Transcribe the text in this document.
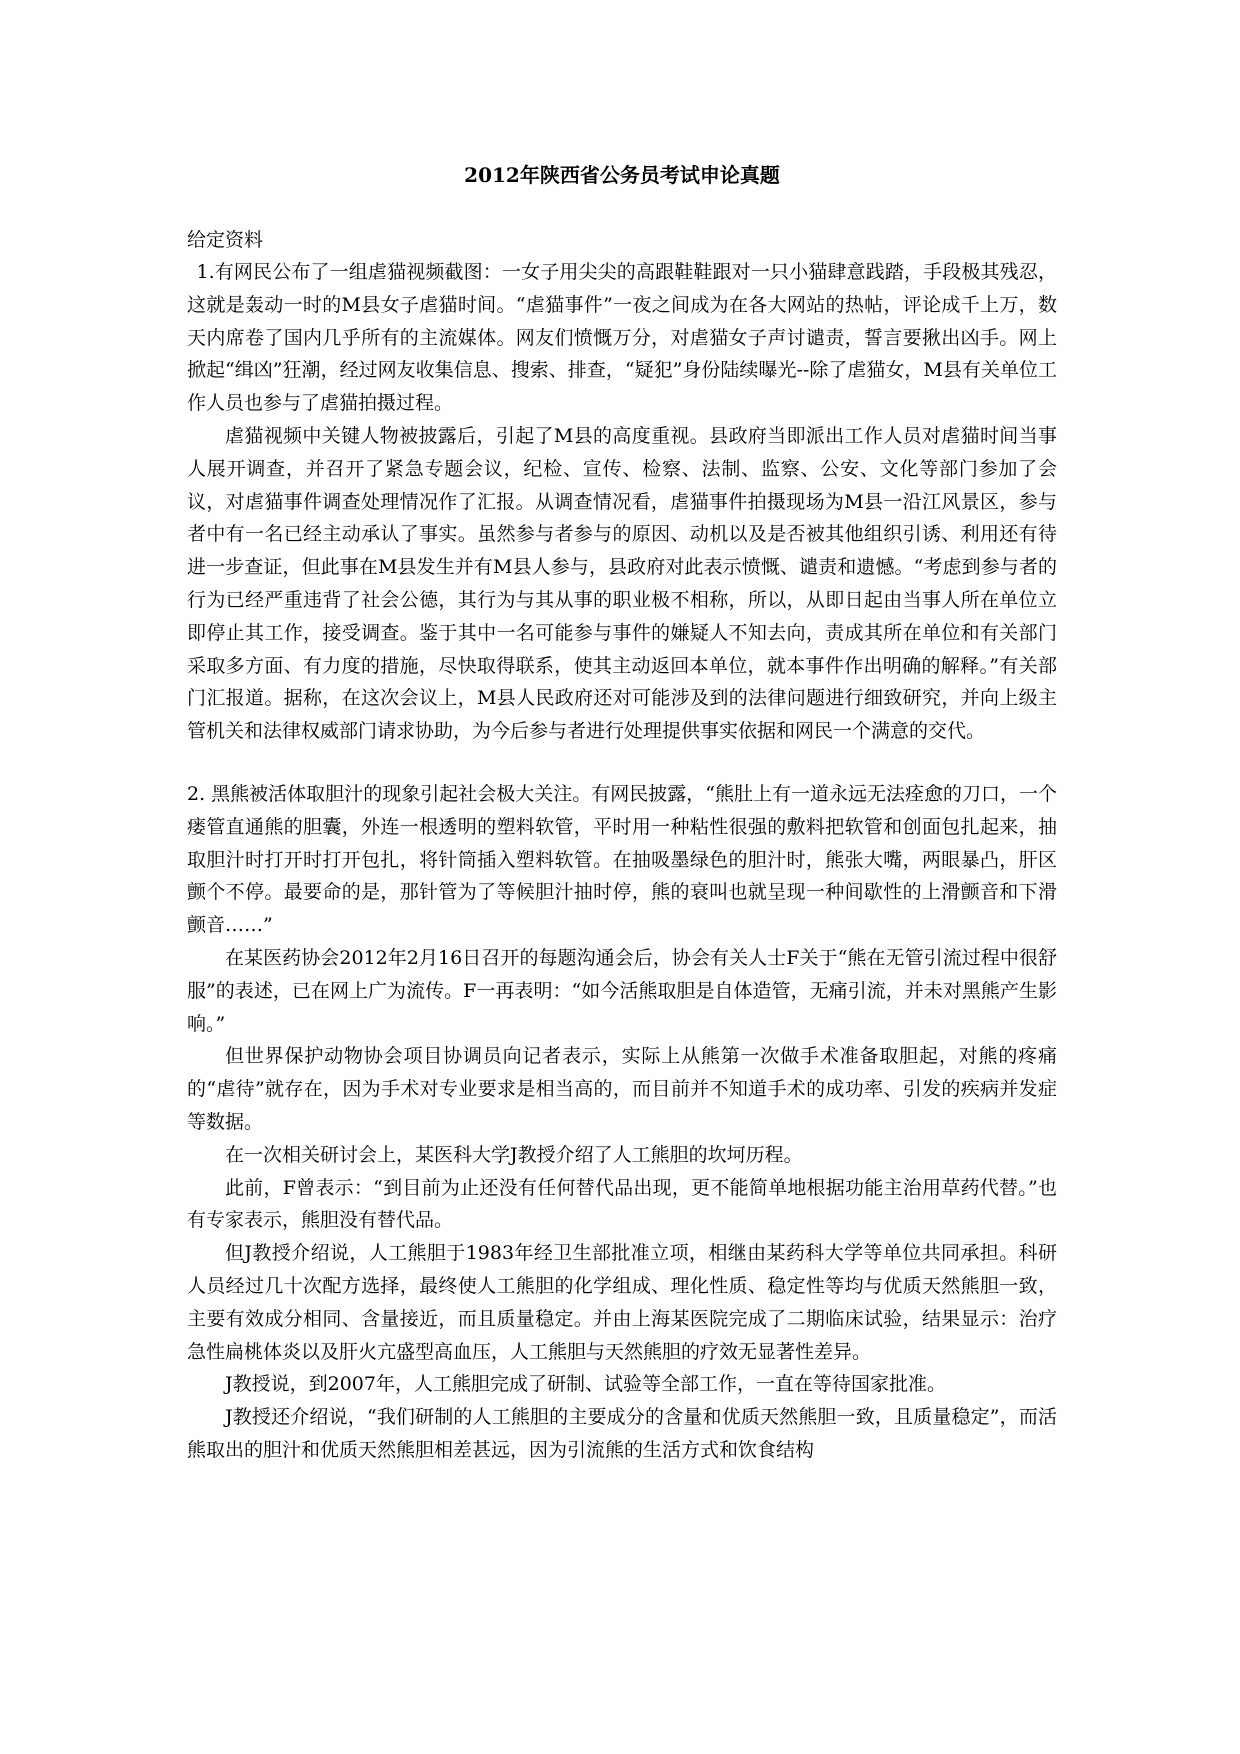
2012年陕西省公务员考试申论真题

给定资料

1.有网民公布了一组虐猫视频截图：一女子用尖尖的高跟鞋鞋跟对一只小猫肆意践踏，手段极其残忍，这就是轰动一时的M县女子虐猫时间。“虐猫事件”一夜之间成为在各大网站的热帖，评论成千上万，数天内席卷了国内几乎所有的主流媒体。网友们愤慨万分，对虐猫女子声讨谴责，誓言要揪出凶手。网上掀起“缉凶”狂潮，经过网友收集信息、搜索、排查，“疑犯”身份陆续曝光--除了虐猫女，M县有关单位工作人员也参与了虐猫拍摄过程。

虐猫视频中关键人物被披露后，引起了M县的高度重视。县政府当即派出工作人员对虐猫时间当事人展开调查，并召开了紧急专题会议，纪检、宣传、检察、法制、监察、公安、文化等部门参加了会议，对虐猫事件调查处理情况作了汇报。从调查情况看，虐猫事件拍摄现场为M县一沿江风景区，参与者中有一名已经主动承认了事实。虽然参与者参与的原因、动机以及是否被其他组织引诱、利用还有待进一步查证，但此事在M县发生并有M县人参与，县政府对此表示愤慨、谴责和遗憾。“考虑到参与者的行为已经严重违背了社会公德，其行为与其从事的职业极不相称，所以，从即日起由当事人所在单位立即停止其工作，接受调查。鉴于其中一名可能参与事件的嫌疑人不知去向，责成其所在单位和有关部门采取多方面、有力度的措施，尽快取得联系，使其主动返回本单位，就本事件作出明确的解释。”有关部门汇报道。据称，在这次会议上，M县人民政府还对可能涉及到的法律问题进行细致研究，并向上级主管机关和法律权威部门请求协助，为今后参与者进行处理提供事实依据和网民一个满意的交代。

2. 黑熊被活体取胆汁的现象引起社会极大关注。有网民披露，“熊肚上有一道永远无法痊愈的刀口，一个瘘管直通熊的胆囊，外连一根透明的塑料软管，平时用一种粘性很强的敷料把软管和创面包扎起来，抽取胆汁时打开时打开包扎，将针筒插入塑料软管。在抽吸墨绿色的胆汁时，熊张大嘴，两眼暴凸，肝区颤个不停。最要命的是，那针管为了等候胆汁抽时停，熊的衰叫也就呈现一种间歇性的上滑颤音和下滑颤音……”

在某医药协会2012年2月16日召开的每题沟通会后，协会有关人士F关于“熊在无管引流过程中很舒服”的表述，已在网上广为流传。F一再表明：“如今活熊取胆是自体造管，无痛引流，并未对黑熊产生影响。”

但世界保护动物协会项目协调员向记者表示，实际上从熊第一次做手术准备取胆起，对熊的疼痛的“虐待”就存在，因为手术对专业要求是相当高的，而目前并不知道手术的成功率、引发的疾病并发症等数据。

在一次相关研讨会上，某医科大学J教授介绍了人工熊胆的坎坷历程。

此前，F曾表示：“到目前为止还没有任何替代品出现，更不能简单地根据功能主治用草药代替。”也有专家表示，熊胆没有替代品。

但J教授介绍说，人工熊胆于1983年经卫生部批准立项，相继由某药科大学等单位共同承担。科研人员经过几十次配方选择，最终使人工熊胆的化学组成、理化性质、稳定性等均与优质天然熊胆一致，主要有效成分相同、含量接近，而且质量稳定。并由上海某医院完成了二期临床试验，结果显示：治疗急性扁桃体炎以及肝火亢盛型高血压，人工熊胆与天然熊胆的疗效无显著性差异。

J教授说，到2007年，人工熊胆完成了研制、试验等全部工作，一直在等待国家批准。

J教授还介绍说，“我们研制的人工熊胆的主要成分的含量和优质天然熊胆一致，且质量稳定”，而活熊取出的胆汁和优质天然熊胆相差甚远，因为引流熊的生活方式和饮食结构
